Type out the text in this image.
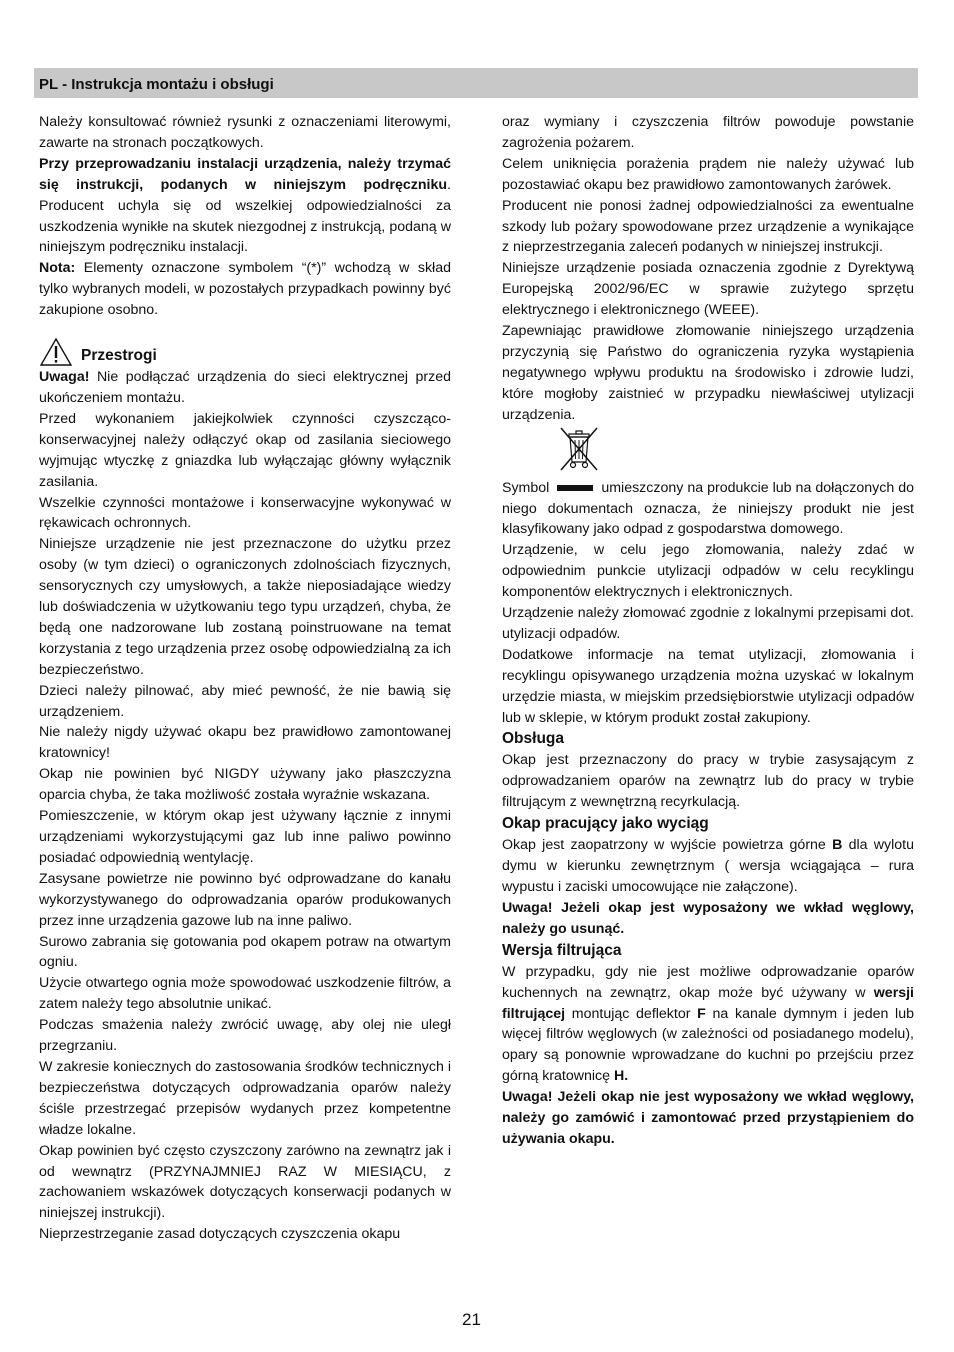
PL - Instrukcja montażu i obsługi

Należy konsultować również rysunki z oznaczeniami literowymi, zawarte na stronach początkowych.

Przy przeprowadzaniu instalacji urządzenia, należy trzymać się instrukcji, podanych w niniejszym podręczniku. Producent uchyla się od wszelkiej odpowiedzialności za uszkodzenia wynikłe na skutek niezgodnej z instrukcją, podaną w niniejszym podręczniku instalacji.

Nota: Elementy oznaczone symbolem “(*)” wchodzą w skład tylko wybranych modeli, w pozostałych przypadkach powinny być zakupione osobno.

Przestrogi

Uwaga! Nie podłączać urządzenia do sieci elektrycznej przed ukończeniem montażu.

Przed wykonaniem jakiejkolwiek czynności czyszcząco-konserwacyjnej należy odłączyć okap od zasilania sieciowego wyjmując wtyczkę z gniazdka lub wyłączając główny wyłącznik zasilania.

Wszelkie czynności montażowe i konserwacyjne wykonywać w rękawicach ochronnych.

Niniejsze urządzenie nie jest przeznaczone do użytku przez osoby (w tym dzieci) o ograniczonych zdolnościach fizycznych, sensorycznych czy umysłowych, a także nieposiadające wiedzy lub doświadczenia w użytkowaniu tego typu urządzeń, chyba, że będą one nadzorowane lub zostaną poinstruowane na temat korzystania z tego urządzenia przez osobę odpowiedzialną za ich bezpieczeństwo.

Dzieci należy pilnować, aby mieć pewność, że nie bawią się urządzeniem.

Nie należy nigdy używać okapu bez prawidłowo zamontowanej kratownicy!

Okap nie powinien być NIGDY używany jako płaszczyzna oparcia chyba, że taka możliwość została wyraźnie wskazana.

Pomieszczenie, w którym okap jest używany łącznie z innymi urządzeniami wykorzystującymi gaz lub inne paliwo powinno posiadać odpowiednią wentylację.

Zasysane powietrze nie powinno być odprowadzane do kanału wykorzystywanego do odprowadzania oparów produkowanych przez inne urządzenia gazowe lub na inne paliwo.

Surowo zabrania się gotowania pod okapem potraw na otwartym ogniu.

Użycie otwartego ognia może spowodować uszkodzenie filtrów, a zatem należy tego absolutnie unikać.

Podczas smażenia należy zwrócić uwagę, aby olej nie uległ przegrzaniu.

W zakresie koniecznych do zastosowania środków technicznych i bezpieczeństwa dotyczących odprowadzania oparów należy ściśle przestrzegać przepisów wydanych przez kompetentne władze lokalne.

Okap powinien być często czyszczony zarówno na zewnątrz jak i od wewnątrz (PRZYNAJMNIEJ RAZ W MIESIĄCU, z zachowaniem wskazówek dotyczących konserwacji podanych w niniejszej instrukcji).

Nieprzestrzeganie zasad dotyczących czyszczenia okapu

oraz wymiany i czyszczenia filtrów powoduje powstanie zagrożenia pożarem.

Celem uniknięcia porażenia prądem nie należy używać lub pozostawiać okapu bez prawidłowo zamontowanych żarówek.

Producent nie ponosi żadnej odpowiedzialności za ewentualne szkody lub pożary spowodowane przez urządzenie a wynikające z nieprzestrzegania zaleceń podanych w niniejszej instrukcji.

Niniejsze urządzenie posiada oznaczenia zgodnie z Dyrektywą Europejską 2002/96/EC w sprawie zużytego sprzętu elektrycznego i elektronicznego (WEEE).

Zapewniając prawidłowe złomowanie niniejszego urządzenia przyczynią się Państwo do ograniczenia ryzyka wystąpienia negatywnego wpływu produktu na środowisko i zdrowie ludzi, które mogłoby zaistnieć w przypadku niewłaściwej utylizacji urządzenia.

Symbol	umieszczony na produkcie lub na dołączonych do niego dokumentach oznacza, że niniejszy produkt nie jest klasyfikowany jako odpad z gospodarstwa domowego.

Urządzenie, w celu jego złomowania, należy zdać w odpowiednim punkcie utylizacji odpadów w celu recyklingu komponentów elektrycznych i elektronicznych.

Urządzenie należy złomować zgodnie z lokalnymi przepisami dot. utylizacji odpadów.

Dodatkowe informacje na temat utylizacji, złomowania i recyklingu opisywanego urządzenia można uzyskać w lokalnym urzędzie miasta, w miejskim przedsiębiorstwie utylizacji odpadów lub w sklepie, w którym produkt został zakupiony.

Obsługa

Okap jest przeznaczony do pracy w trybie zasysającym z odprowadzaniem oparów na zewnątrz lub do pracy w trybie filtrującym z wewnętrzną recyrkulacją.

Okap pracujący jako wyciąg

Okap jest zaopatrzony w wyjście powietrza górne B dla wylotu dymu w kierunku zewnętrznym ( wersja wciągająca – rura wypustu i zaciski umocowujące nie załączone).

Uwaga! Jeżeli okap jest wyposażony we wkład węglowy, należy go usunąć.

Wersja filtrująca

W przypadku, gdy nie jest możliwe odprowadzanie oparów kuchennych na zewnątrz, okap może być używany w wersji filtrującej montując deflektor F na kanale dymnym i jeden lub więcej filtrów węglowych (w zależności od posiadanego modelu), opary są ponownie wprowadzane do kuchni po przejściu przez górną kratownicę H.

Uwaga! Jeżeli okap nie jest wyposażony we wkład węglowy, należy go zamówić i zamontować przed przystąpieniem do używania okapu.

21
